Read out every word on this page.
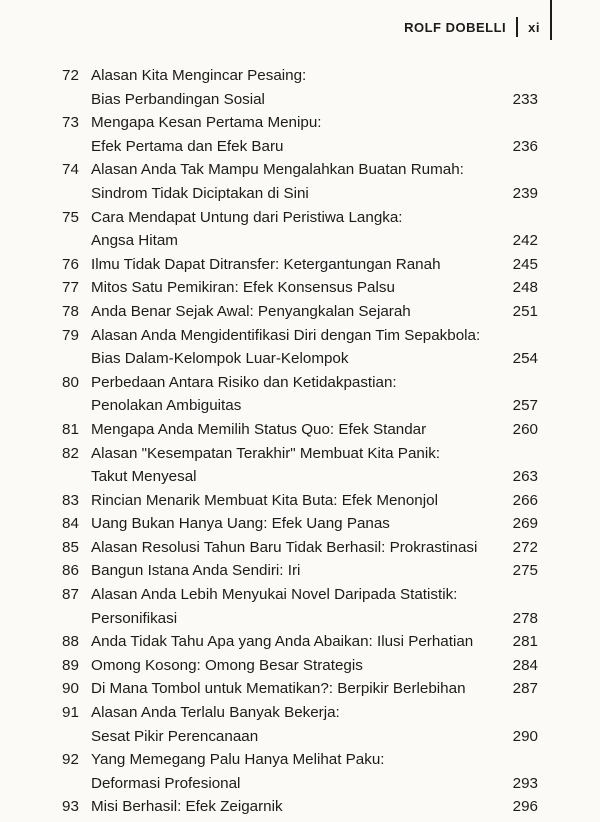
ROLF DOBELLI xi
72 Alasan Kita Mengincar Pesaing:
Bias Perbandingan Sosial	233
73 Mengapa Kesan Pertama Menipu:
Efek Pertama dan Efek Baru	236
74 Alasan Anda Tak Mampu Mengalahkan Buatan Rumah:
Sindrom Tidak Diciptakan di Sini	239
75 Cara Mendapat Untung dari Peristiwa Langka:
Angsa Hitam	242
76 Ilmu Tidak Dapat Ditransfer: Ketergantungan Ranah	245
77 Mitos Satu Pemikiran: Efek Konsensus Palsu	248
78 Anda Benar Sejak Awal: Penyangkalan Sejarah	251
79 Alasan Anda Mengidentifikasi Diri dengan Tim Sepakbola:
Bias Dalam-Kelompok Luar-Kelompok	254
80 Perbedaan Antara Risiko dan Ketidakpastian:
Penolakan Ambiguitas	257
81 Mengapa Anda Memilih Status Quo: Efek Standar	260
82 Alasan "Kesempatan Terakhir" Membuat Kita Panik:
Takut Menyesal	263
83 Rincian Menarik Membuat Kita Buta: Efek Menonjol	266
84 Uang Bukan Hanya Uang: Efek Uang Panas	269
85 Alasan Resolusi Tahun Baru Tidak Berhasil: Prokrastinasi 272
86 Bangun Istana Anda Sendiri: Iri	275
87 Alasan Anda Lebih Menyukai Novel Daripada Statistik:
Personifikasi	278
88 Anda Tidak Tahu Apa yang Anda Abaikan: Ilusi Perhatian	281
89 Omong Kosong: Omong Besar Strategis	284
90 Di Mana Tombol untuk Mematikan?: Berpikir Berlebihan	287
91 Alasan Anda Terlalu Banyak Bekerja:
Sesat Pikir Perencanaan	290
92 Yang Memegang Palu Hanya Melihat Paku:
Deformasi Profesional	293
93 Misi Berhasil: Efek Zeigarnik	296
